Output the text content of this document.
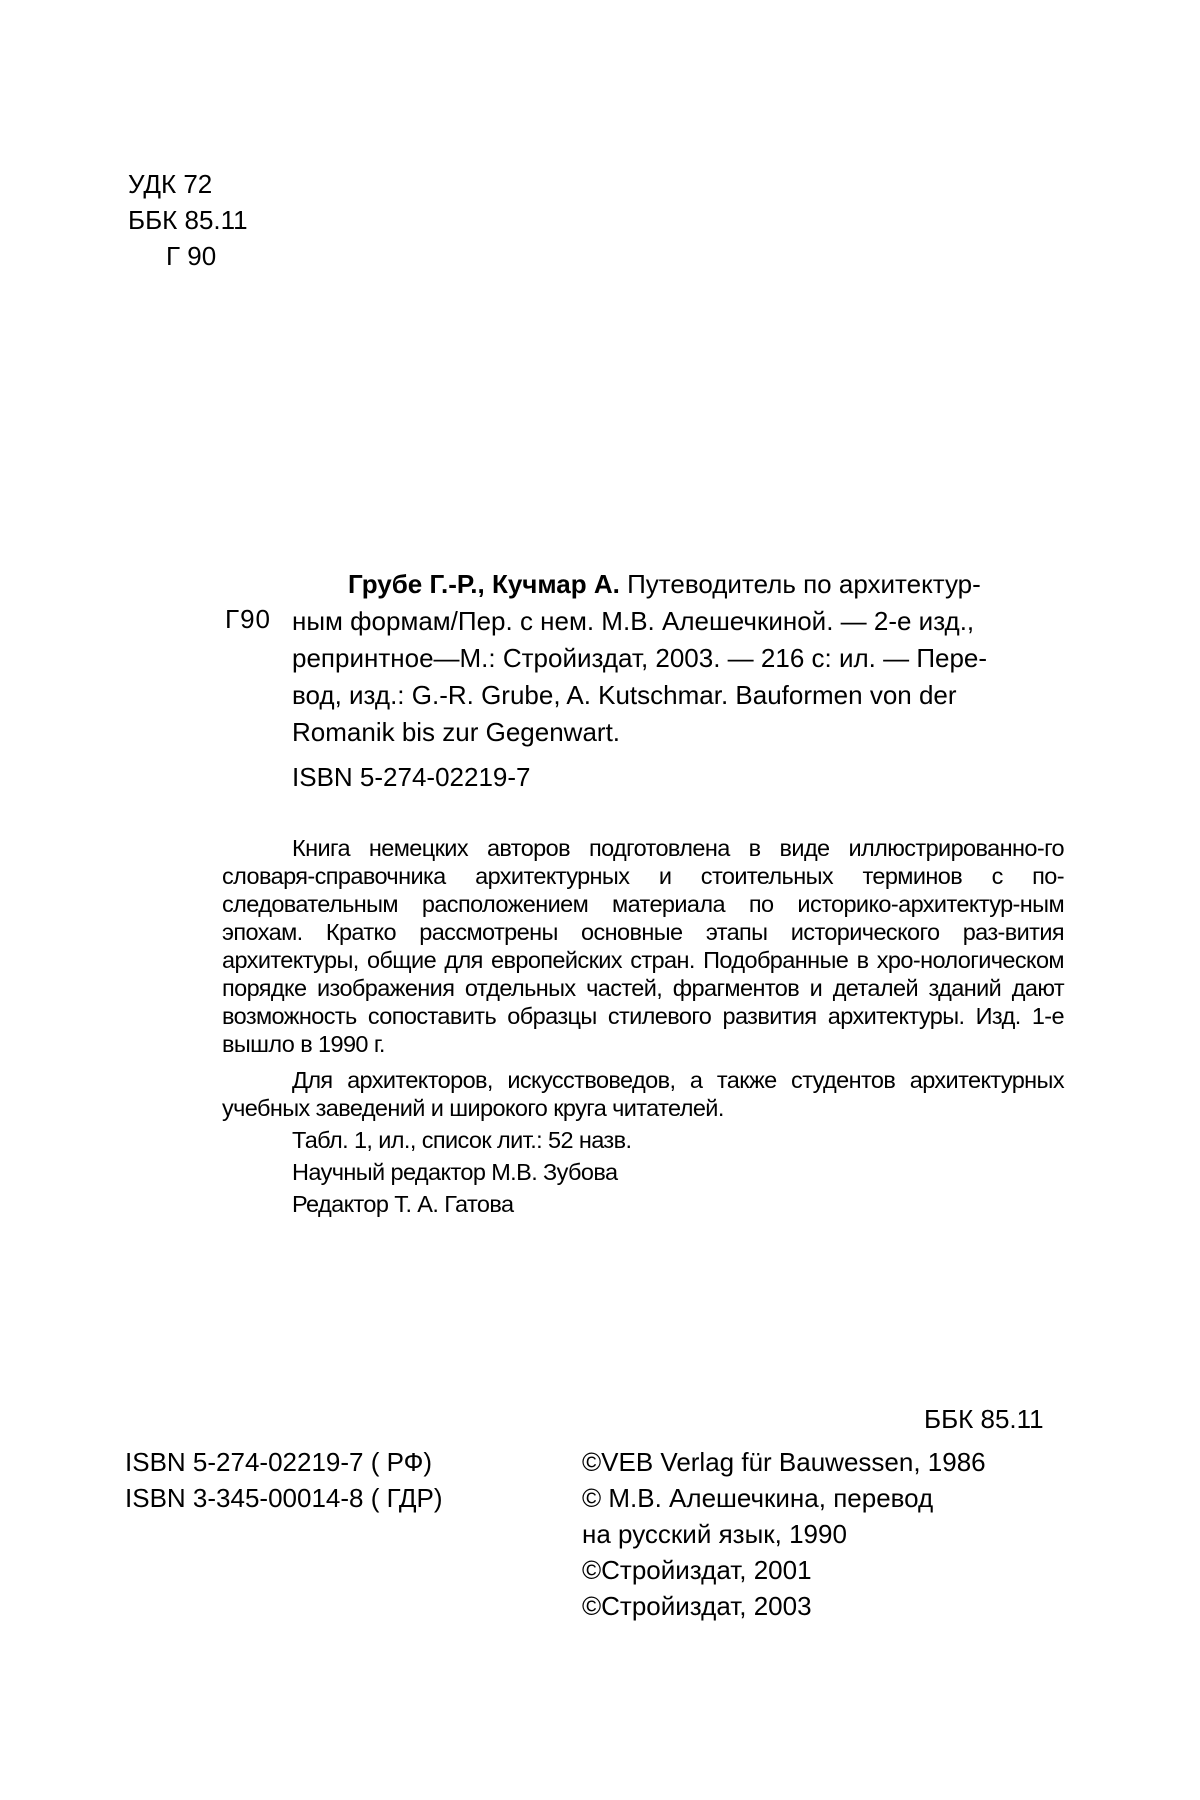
УДК 72
ББК 85.11
Г 90
Г90
Грубе Г.-Р., Кучмар А. Путеводитель по архитектур-
ным формам/Пер. с нем. М.В. Алешечкиной. — 2-е изд.,
репринтное—М.: Стройиздат, 2003. — 216 с: ил. — Пере-
вод, изд.: G.-R. Grube, A. Kutschmar. Bauformen von der
Romanik bis zur Gegenwart.
ISBN 5-274-02219-7

Книга немецких авторов подготовлена в виде иллюстрированно-го словаря-справочника архитектурных и стоительных терминов с по-следовательным расположением материала по историко-архитектур-ным эпохам. Кратко рассмотрены основные этапы исторического раз-вития архитектуры, общие для европейских стран. Подобранные в хро-нологическом порядке изображения отдельных частей, фрагментов и деталей зданий дают возможность сопоставить образцы стилевого развития архитектуры. Изд. 1-е вышло в 1990 г.

Для архитекторов, искусствоведов, а также студентов архитектурных учебных заведений и широкого круга читателей.

Табл. 1, ил., список лит.: 52 назв.
Научный редактор М.В. Зубова
Редактор Т. А. Гатова
ББК 85.11
ISBN 5-274-02219-7 ( РФ)
ISBN 3-345-00014-8 ( ГДР)
©VEB Verlag für Bauwessen, 1986
© М.В. Алешечкина, перевод
на русский язык, 1990
©Стройиздат, 2001
©Стройиздат, 2003
